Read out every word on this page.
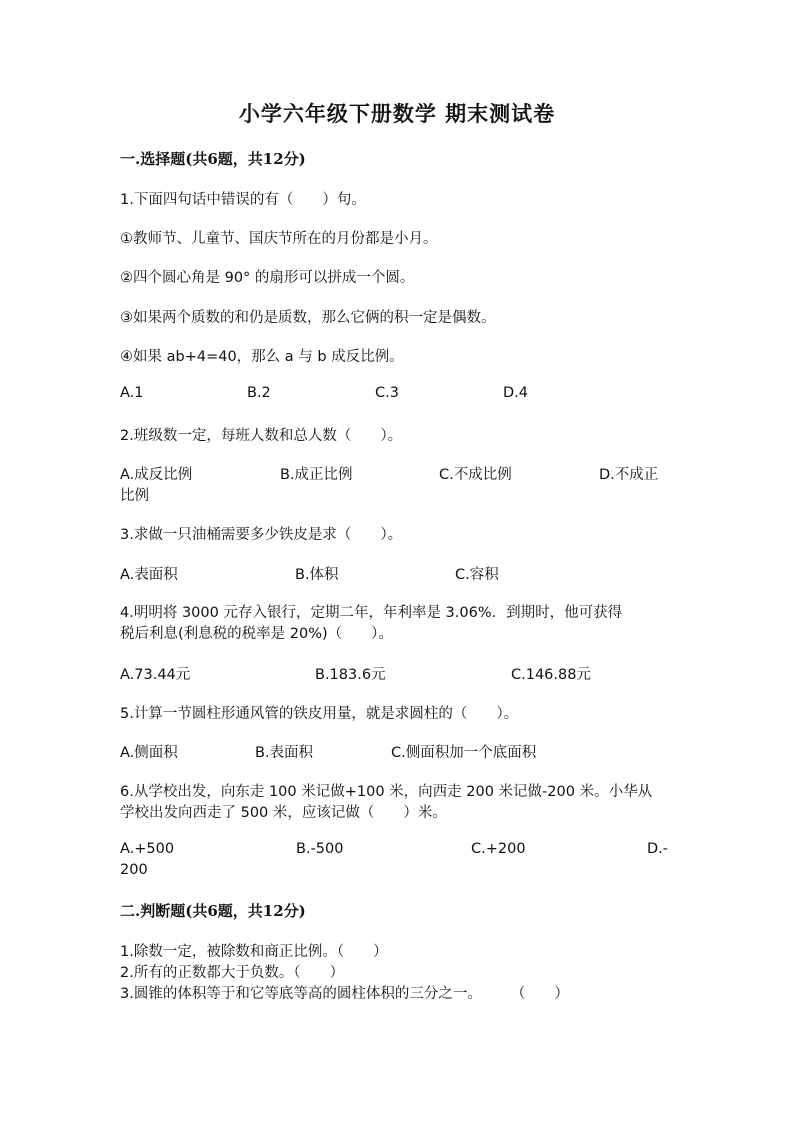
小学六年级下册数学 期末测试卷
一.选择题(共6题，共12分)
1.下面四句话中错误的有（　　）句。
①教师节、儿童节、国庆节所在的月份都是小月。
②四个圆心角是 90° 的扇形可以拼成一个圆。
③如果两个质数的和仍是质数，那么它俩的积一定是偶数。
④如果 ab+4=40，那么 a 与 b 成反比例。
A.1	B.2	C.3	D.4
2.班级数一定，每班人数和总人数（　　）。
A.成反比例	B.成正比例	C.不成比例	D.不成正
比例
3.求做一只油桶需要多少铁皮是求（　　）。
A.表面积	B.体积	C.容积
4.明明将 3000 元存入银行，定期二年，年利率是 3.06%．到期时，他可获得
税后利息(利息税的税率是 20%)（　　）。
A.73.44元	B.183.6元	C.146.88元
5.计算一节圆柱形通风管的铁皮用量，就是求圆柱的（　　）。
A.侧面积	B.表面积	C.侧面积加一个底面积
6.从学校出发，向东走 100 米记做+100 米，向西走 200 米记做-200 米。小华从
学校出发向西走了 500 米，应该记做（　　）米。
A.+500	B.-500	C.+200	D.-
200
二.判断题(共6题，共12分)
1.除数一定，被除数和商正比例。（　　）
2.所有的正数都大于负数。（　　）
3.圆锥的体积等于和它等底等高的圆柱体积的三分之一。　　　（　　）
